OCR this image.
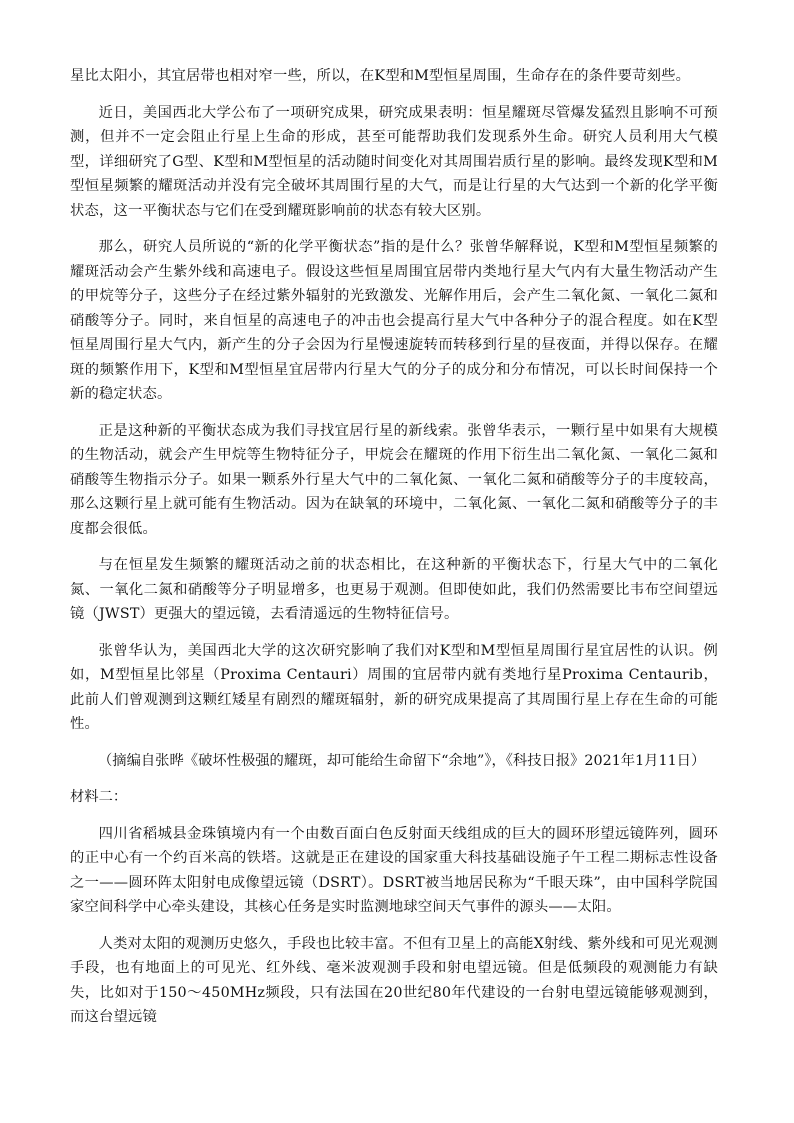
星比太阳小，其宜居带也相对窄一些，所以，在K型和M型恒星周围，生命存在的条件要苛刻些。

近日，美国西北大学公布了一项研究成果，研究成果表明：恒星耀斑尽管爆发猛烈且影响不可预测，但并不一定会阻止行星上生命的形成，甚至可能帮助我们发现系外生命。研究人员利用大气模型，详细研究了G型、K型和M型恒星的活动随时间变化对其周围岩质行星的影响。最终发现K型和M型恒星频繁的耀斑活动并没有完全破坏其周围行星的大气，而是让行星的大气达到一个新的化学平衡状态，这一平衡状态与它们在受到耀斑影响前的状态有较大区别。

那么，研究人员所说的“新的化学平衡状态”指的是什么？张曾华解释说，K型和M型恒星频繁的耀斑活动会产生紫外线和高速电子。假设这些恒星周围宜居带内类地行星大气内有大量生物活动产生的甲烷等分子，这些分子在经过紫外辐射的光致激发、光解作用后，会产生二氧化氮、一氧化二氮和硝酸等分子。同时，来自恒星的高速电子的冲击也会提高行星大气中各种分子的混合程度。如在K型恒星周围行星大气内，新产生的分子会因为行星慢速旋转而转移到行星的昼夜面，并得以保存。在耀斑的频繁作用下，K型和M型恒星宜居带内行星大气的分子的成分和分布情况，可以长时间保持一个新的稳定状态。

正是这种新的平衡状态成为我们寻找宜居行星的新线索。张曾华表示，一颗行星中如果有大规模的生物活动，就会产生甲烷等生物特征分子，甲烷会在耀斑的作用下衍生出二氧化氮、一氧化二氮和硝酸等生物指示分子。如果一颗系外行星大气中的二氧化氮、一氧化二氮和硝酸等分子的丰度较高，那么这颗行星上就可能有生物活动。因为在缺氧的环境中，二氧化氮、一氧化二氮和硝酸等分子的丰度都会很低。

与在恒星发生频繁的耀斑活动之前的状态相比，在这种新的平衡状态下，行星大气中的二氧化氮、一氧化二氮和硝酸等分子明显增多，也更易于观测。但即使如此，我们仍然需要比韦布空间望远镜（JWST）更强大的望远镜，去看清遥远的生物特征信号。

张曾华认为，美国西北大学的这次研究影响了我们对K型和M型恒星周围行星宜居性的认识。例如，M型恒星比邻星（Proxima Centauri）周围的宜居带内就有类地行星Proxima Centaurib，此前人们曾观测到这颗红矮星有剧烈的耀斑辐射，新的研究成果提高了其周围行星上存在生命的可能性。

（摘编自张晔《破坏性极强的耀斑，却可能给生命留下“余地”》，《科技日报》2021年1月11日）

材料二：

四川省稻城县金珠镇境内有一个由数百面白色反射面天线组成的巨大的圆环形望远镜阵列，圆环的正中心有一个约百米高的铁塔。这就是正在建设的国家重大科技基础设施子午工程二期标志性设备之一——圆环阵太阳射电成像望远镜（DSRT）。DSRT被当地居民称为“千眼天珠”，由中国科学院国家空间科学中心牵头建设，其核心任务是实时监测地球空间天气事件的源头——太阳。

人类对太阳的观测历史悠久，手段也比较丰富。不但有卫星上的高能X射线、紫外线和可见光观测手段，也有地面上的可见光、红外线、毫米波观测手段和射电望远镜。但是低频段的观测能力有缺失，比如对于150～450MHz频段，只有法国在20世纪80年代建设的一台射电望远镜能够观测到，而这台望远镜
